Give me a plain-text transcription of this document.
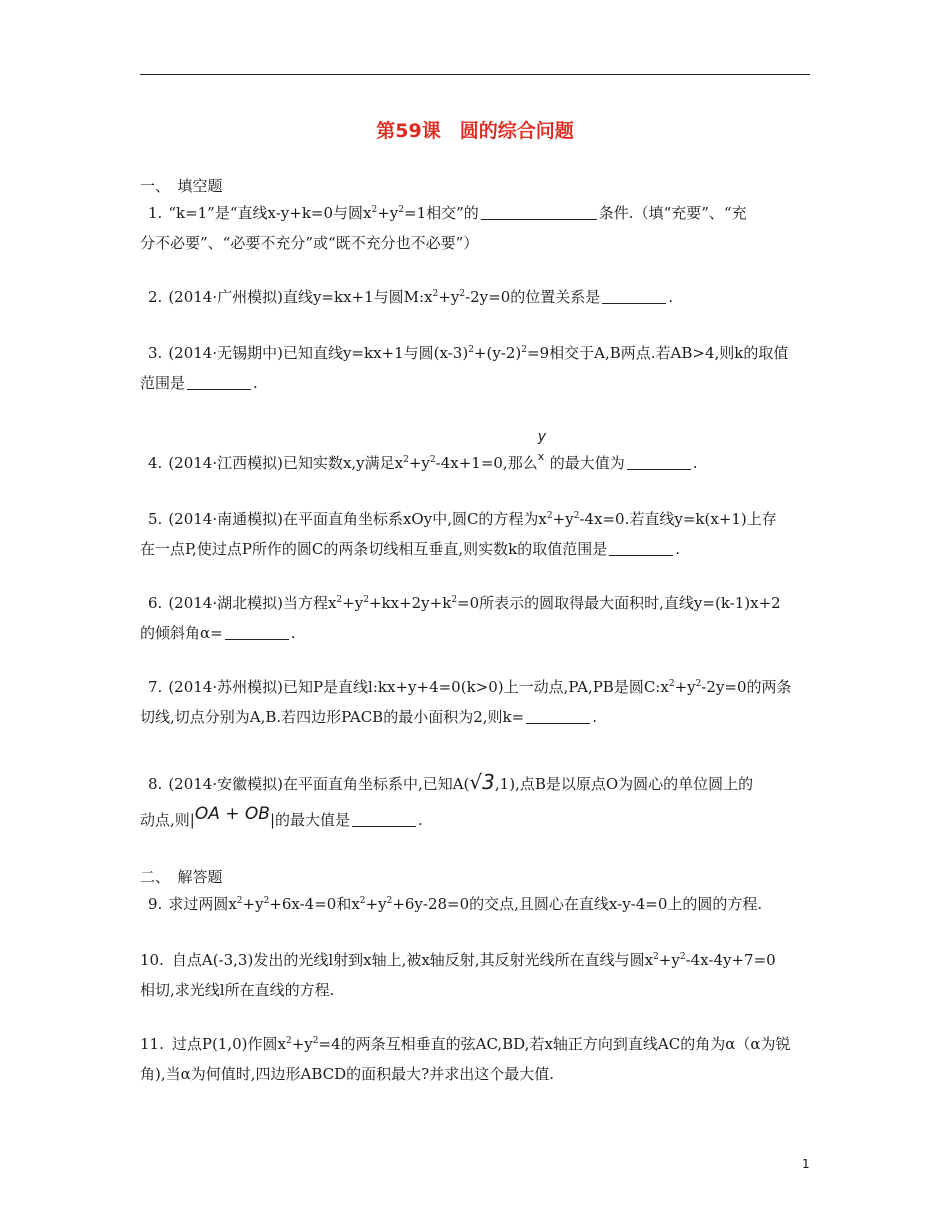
第59课　圆的综合问题
一、　填空题
1. “k=1”是“直线x-y+k=0与圆$x^2+y^2=1$相交”的	条件.（填“充要”、“充
分不必要”、“必要不充分”或“既不充分也不必要”）
2. (2014·广州模拟)直线y=kx+1与圆$M:x^2+y^2-2y=0$的位置关系是	.
3. (2014·无锡期中)已知直线y=kx+1与圆$(x-3)^2+(y-2)^2=9$相交于A,B两点.若AB>4,则k的取值
范围是	.
4. (2014·江西模拟)已知实数x,y满足$x^2+y^2-4x+1=0$,那么
y
x 的最大值为	.
5. (2014·南通模拟)在平面直角坐标系xOy中,圆C的方程为$x^2+y^2-4x=0$.若直线y=k(x+1)上存
在一点P,使过点P所作的圆C的两条切线相互垂直,则实数k的取值范围是	.
6. (2014·湖北模拟)当方程$x^2+y^2+kx+2y+k^2=0$所表示的圆取得最大面积时,直线y=(k-1)x+2
的倾斜角α=	.
7. (2014·苏州模拟)已知P是直线l:kx+y+4=0(k>0)上一动点,PA,PB是圆$C:x^2+y^2-2y=0$的两条
切线,切点分别为A,B.若四边形PACB的最小面积为2,则k=	.
8. (2014·安徽模拟)在平面直角坐标系中,已知A(√3,1),点B是以原点O为圆心的单位圆上的
动点,则|OA + OB|的最大值是	.
二、　解答题
9. 求过两圆$x^2+y^2+6x-4=0$和$x^2+y^2+6y-28=0$的交点,且圆心在直线x-y-4=0上的圆的方程.
10. 自点A(-3,3)发出的光线l射到x轴上,被x轴反射,其反射光线所在直线与圆$x^2+y^2-4x-4y+7=0$
相切,求光线l所在直线的方程.
11. 过点P(1,0)作圆$x^2+y^2=4$的两条互相垂直的弦AC,BD,若x轴正方向到直线AC的角为α（α为锐
角),当α为何值时,四边形ABCD的面积最大?并求出这个最大值.
1
